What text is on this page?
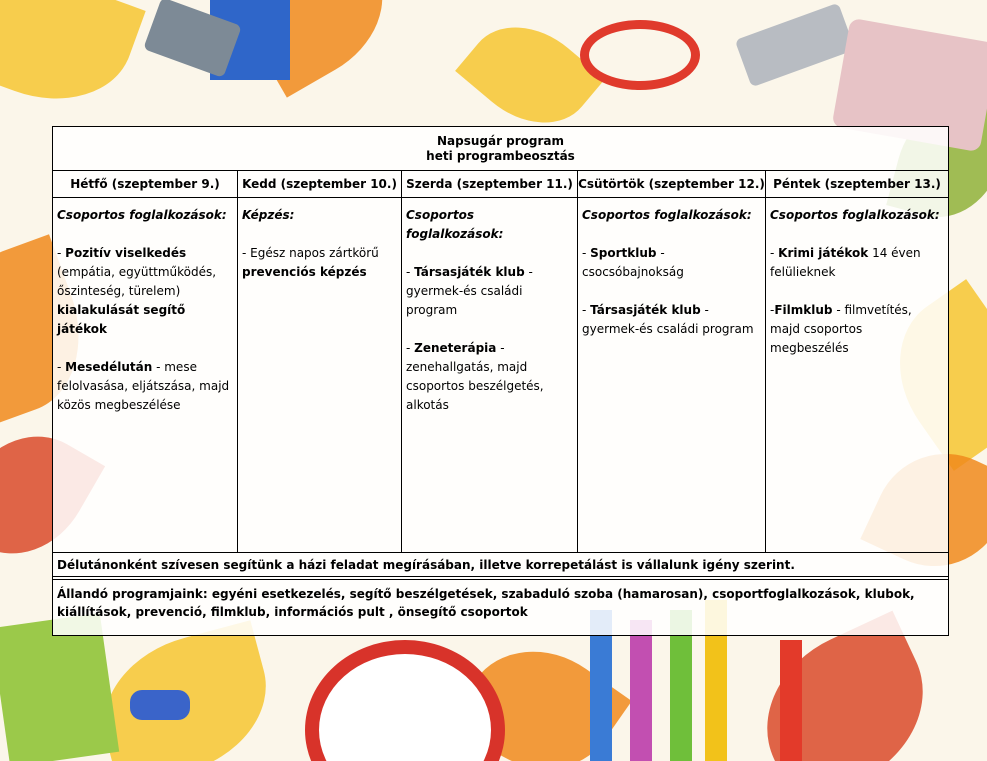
Napsugár program
heti programbeosztás
Hétfő (szeptember 9.)
Csoportos foglalkozások:
- Pozitív viselkedés
(empátia, együttműködés, őszinteség, türelem)
kialakulását segítő játékok
- Mesedélután - mese felolvasása, eljátszása, majd közös megbeszélése
Kedd (szeptember 10.)
Képzés:
- Egész napos zártkörű
prevenciós képzés
Szerda (szeptember 11.)
Csoportos foglalkozások:
- Társasjáték klub - gyermek-és családi program
- Zeneterápia - zenehallgatás, majd csoportos beszélgetés, alkotás
Csütörtök (szeptember 12.)
Csoportos foglalkozások:
- Sportklub - csocsóbajnokság
- Társasjáték klub - gyermek-és családi program
Péntek (szeptember 13.)
Csoportos foglalkozások:
- Krimi játékok 14 éven felülieknek
-Filmklub - filmvetítés, majd csoportos megbeszélés
Délutánonként szívesen segítünk a házi feladat megírásában, illetve korrepetálást is vállalunk igény szerint.
Állandó programjaink: egyéni esetkezelés, segítő beszélgetések, szabaduló szoba (hamarosan), csoportfoglalkozások, klubok, kiállítások, prevenció, filmklub, információs pult , önsegítő csoportok
